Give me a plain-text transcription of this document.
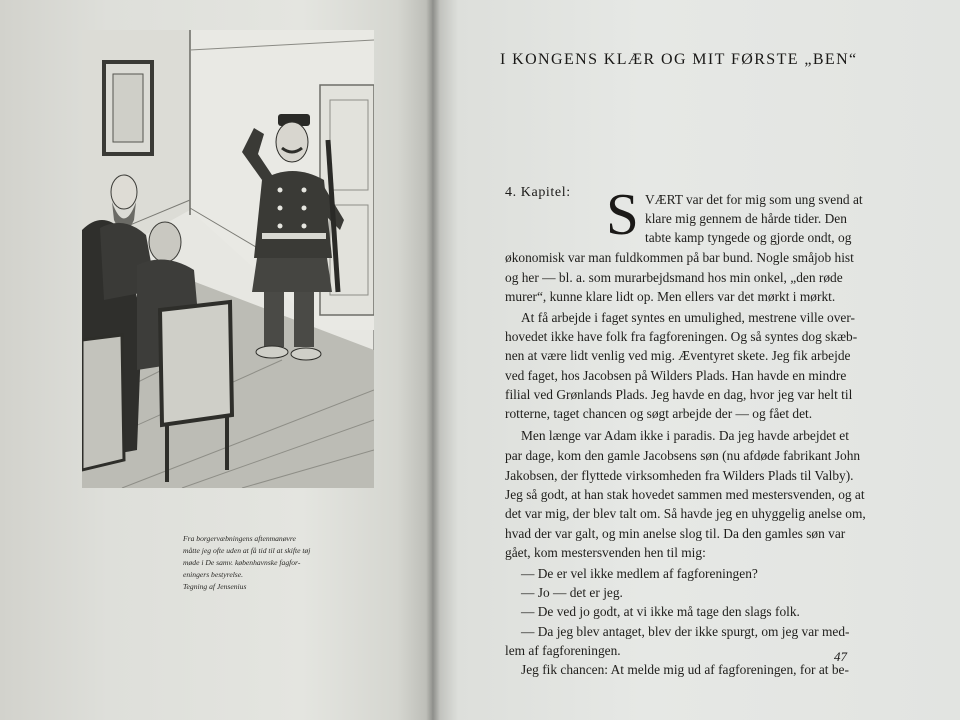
Fra borgervæbningens aftenmanøvre
måtte jeg ofte uden at få tid til at skifte tøj
møde i De samv. københavnske fagfor-
eningers bestyrelse.
Tegning af Jensenius
I KONGENS KLÆR OG MIT FØRSTE „BEN“
4. Kapitel: S VÆRT var det for mig som ung svend at
klare mig gennem de hårde tider. Den
tabte kamp tyngede og gjorde ondt, og
økonomisk var man fuldkommen på bar bund. Nogle småjob hist
og her — bl. a. som murarbejdsmand hos min onkel, „den røde
murer“, kunne klare lidt op. Men ellers var det mørkt i mørkt.
At få arbejde i faget syntes en umulighed, mestrene ville over-
hovedet ikke have folk fra fagforeningen. Og så syntes dog skæb-
nen at være lidt venlig ved mig. Æventyret skete. Jeg fik arbejde
ved faget, hos Jacobsen på Wilders Plads. Han havde en mindre
filial ved Grønlands Plads. Jeg havde en dag, hvor jeg var helt til
rotterne, taget chancen og søgt arbejde der — og fået det.
Men længe var Adam ikke i paradis. Da jeg havde arbejdet et
par dage, kom den gamle Jacobsens søn (nu afdøde fabrikant John
Jakobsen, der flyttede virksomheden fra Wilders Plads til Valby).
Jeg så godt, at han stak hovedet sammen med mestersvenden, og at
det var mig, der blev talt om. Så havde jeg en uhyggelig anelse om,
hvad der var galt, og min anelse slog til. Da den gamles søn var
gået, kom mestersvenden hen til mig:
— De er vel ikke medlem af fagforeningen?
— Jo — det er jeg.
— De ved jo godt, at vi ikke må tage den slags folk.
— Da jeg blev antaget, blev der ikke spurgt, om jeg var med-
lem af fagforeningen.
Jeg fik chancen: At melde mig ud af fagforeningen, for at be-
47
